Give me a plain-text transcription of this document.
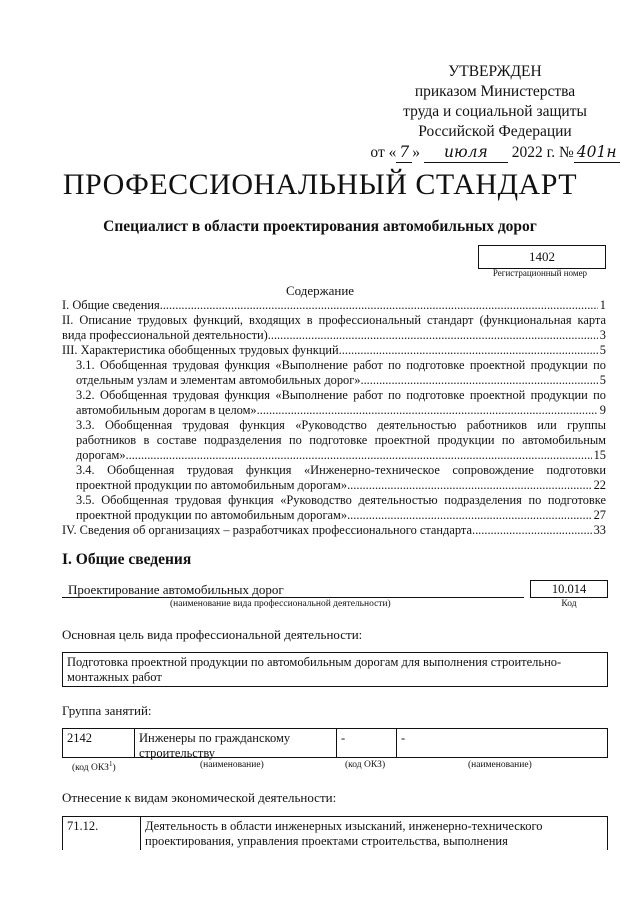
УТВЕРЖДЕН
приказом Министерства
труда и социальной защиты
Российской Федерации
от « 7 » июля 2022 г. № 401н
ПРОФЕССИОНАЛЬНЫЙ СТАНДАРТ
Специалист в области проектирования автомобильных дорог
1402
Регистрационный номер
Содержание
I. Общие сведения .....	1
II. Описание трудовых функций, входящих в профессиональный стандарт (функциональная карта
вида профессиональной деятельности) .....	3
III. Характеристика обобщенных трудовых функций .....	5
3.1. Обобщенная трудовая функция «Выполнение работ по подготовке проектной продукции по
отдельным узлам и элементам автомобильных дорог» .....	5
3.2. Обобщенная трудовая функция «Выполнение работ по подготовке проектной продукции по
автомобильным дорогам в целом» .....	9
3.3. Обобщенная трудовая функция «Руководство деятельностью работников или группы
работников в составе подразделения по подготовке проектной продукции по автомобильным
дорогам» .....	15
3.4. Обобщенная трудовая функция «Инженерно-техническое сопровождение подготовки
проектной продукции по автомобильным дорогам» .....	22
3.5. Обобщенная трудовая функция «Руководство деятельностью подразделения по подготовке
проектной продукции по автомобильным дорогам» .....	27
IV. Сведения об организациях – разработчиках профессионального стандарта .....	33
I. Общие сведения
Проектирование автомобильных дорог
(наименование вида профессиональной деятельности)
10.014
Код
Основная цель вида профессиональной деятельности:
Подготовка проектной продукции по автомобильным дорогам для выполнения строительно-
монтажных работ
Группа занятий:
2142	Инженеры по гражданскому
строительству
-	-
(код ОКЗ$^1$)	(наименование)	(код ОКЗ)	(наименование)
Отнесение к видам экономической деятельности:
71.12.	Деятельность в области инженерных изысканий, инженерно-технического
проектирования, управления проектами строительства, выполнения
